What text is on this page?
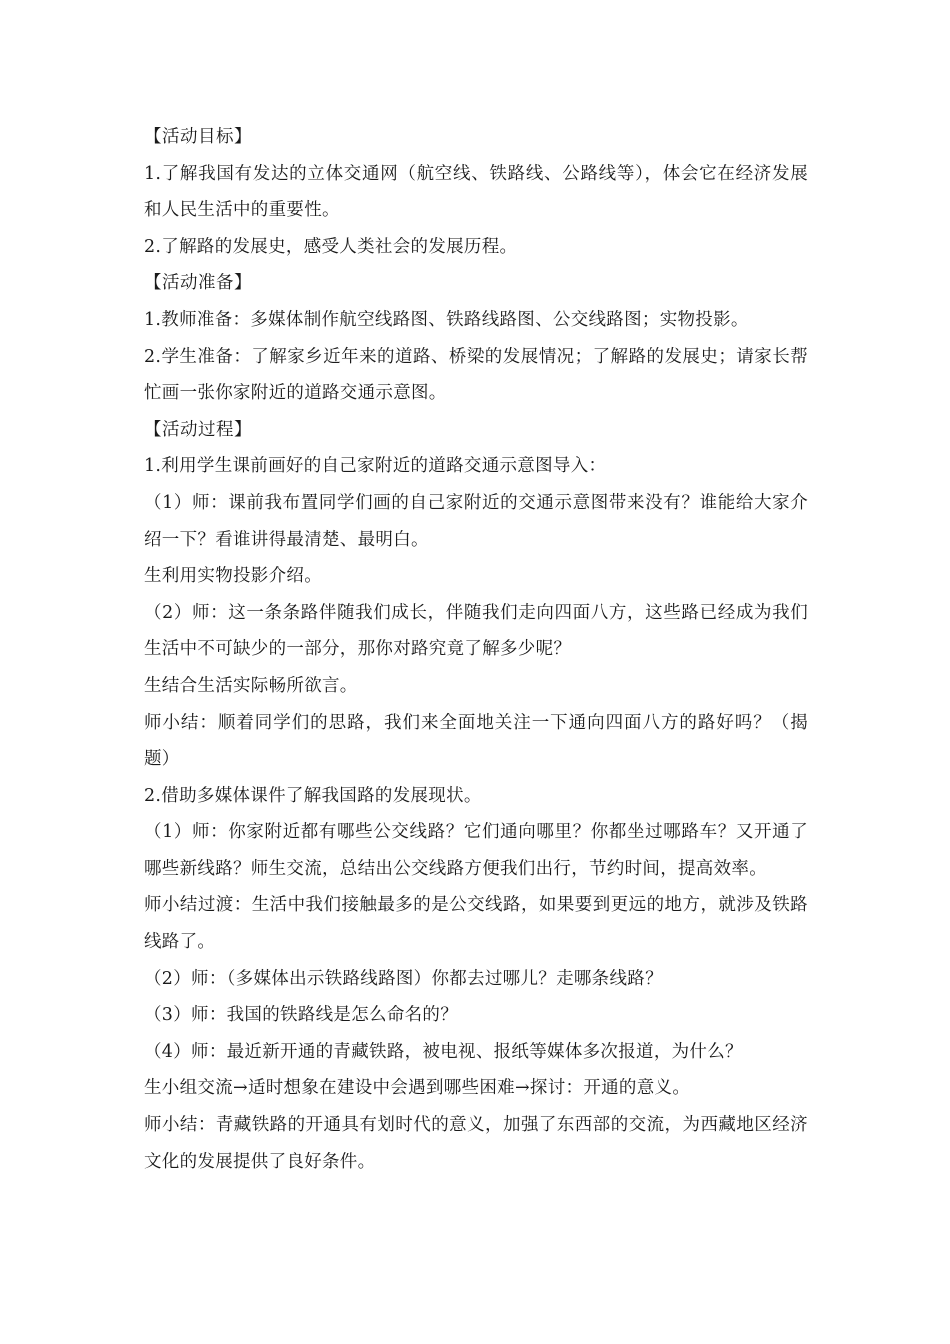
【活动目标】

1.了解我国有发达的立体交通网（航空线、铁路线、公路线等），体会它在经济发展和人民生活中的重要性。

2.了解路的发展史，感受人类社会的发展历程。

【活动准备】

1.教师准备：多媒体制作航空线路图、铁路线路图、公交线路图；实物投影。

2.学生准备：了解家乡近年来的道路、桥梁的发展情况；了解路的发展史；请家长帮忙画一张你家附近的道路交通示意图。

【活动过程】

1.利用学生课前画好的自己家附近的道路交通示意图导入：

（1）师：课前我布置同学们画的自己家附近的交通示意图带来没有？谁能给大家介绍一下？看谁讲得最清楚、最明白。

生利用实物投影介绍。

（2）师：这一条条路伴随我们成长，伴随我们走向四面八方，这些路已经成为我们生活中不可缺少的一部分，那你对路究竟了解多少呢？

生结合生活实际畅所欲言。

师小结：顺着同学们的思路，我们来全面地关注一下通向四面八方的路好吗？（揭题）

2.借助多媒体课件了解我国路的发展现状。

（1）师：你家附近都有哪些公交线路？它们通向哪里？你都坐过哪路车？又开通了哪些新线路？师生交流，总结出公交线路方便我们出行，节约时间，提高效率。

师小结过渡：生活中我们接触最多的是公交线路，如果要到更远的地方，就涉及铁路线路了。

（2）师：（多媒体出示铁路线路图）你都去过哪儿？走哪条线路？

（3）师：我国的铁路线是怎么命名的？

（4）师：最近新开通的青藏铁路，被电视、报纸等媒体多次报道，为什么？

生小组交流→适时想象在建设中会遇到哪些困难→探讨：开通的意义。

师小结：青藏铁路的开通具有划时代的意义，加强了东西部的交流，为西藏地区经济文化的发展提供了良好条件。
